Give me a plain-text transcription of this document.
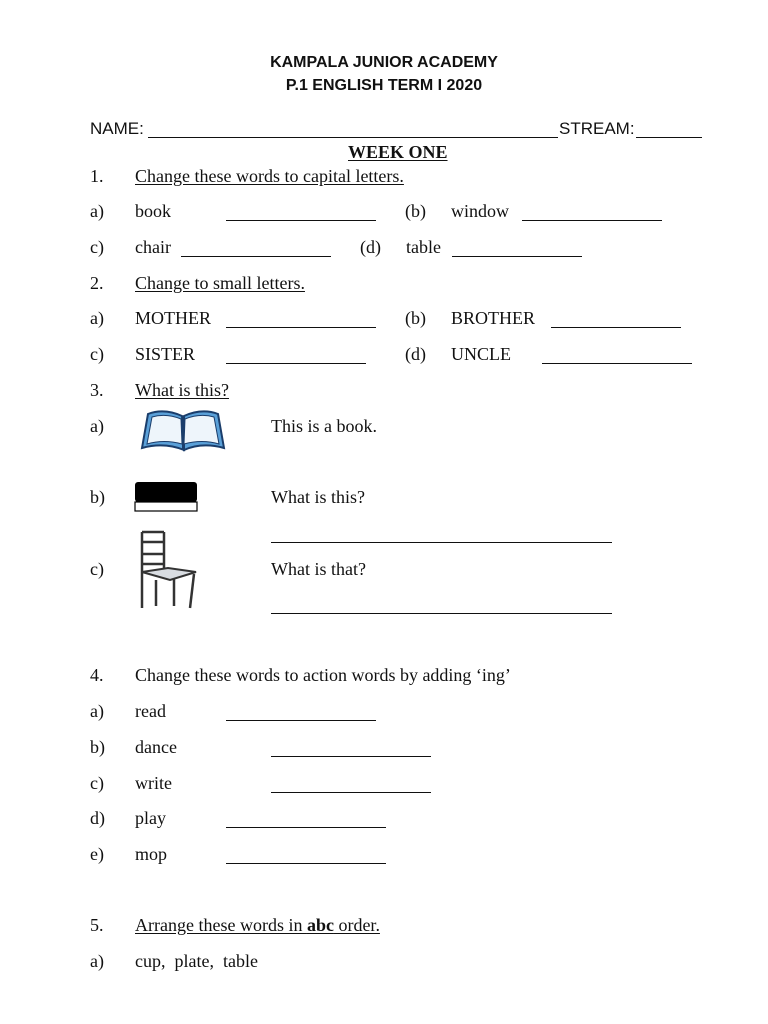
KAMPALA JUNIOR ACADEMY
P.1 ENGLISH TERM I 2020
NAME:	STREAM:
WEEK ONE
1. Change these words to capital letters.
a) book	(b) window
c) chair	(d) table
2. Change to small letters.
a) MOTHER	(b) BROTHER
c) SISTER	(d) UNCLE
3. What is this?
a)	This is a book.
b)	What is this?
c)	What is that?
4. Change these words to action words by adding ‘ing’
a) read
b) dance
c) write
d) play
e) mop
5. Arrange these words in abc order.
a) cup,  plate,  table
